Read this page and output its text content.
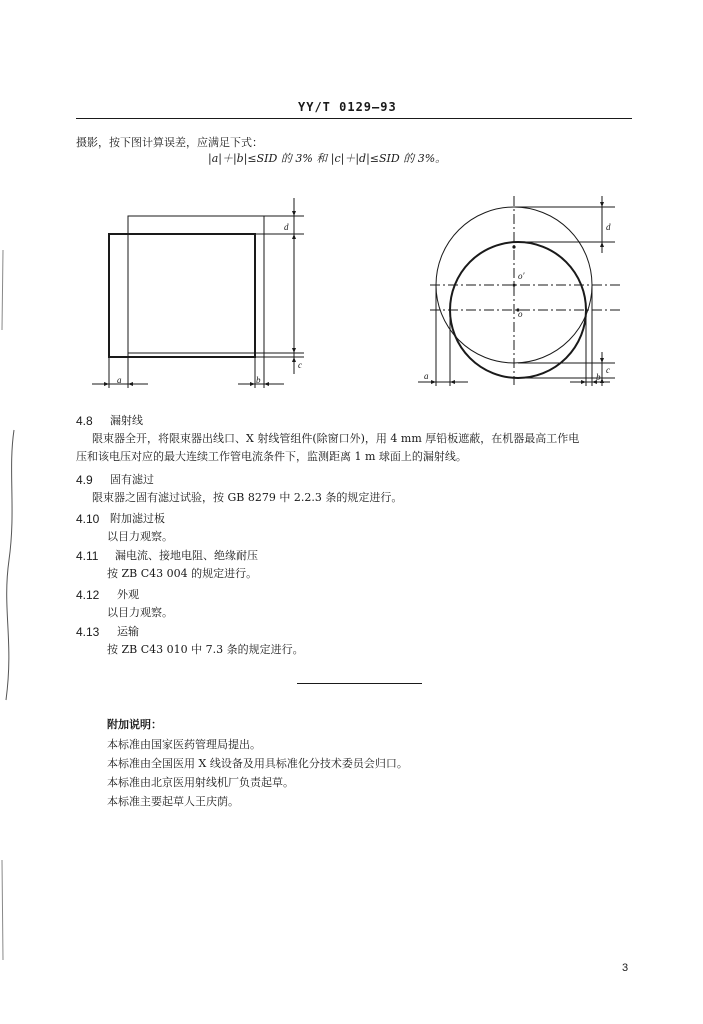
YY/T 0129—93
摄影，按下图计算误差，应满足下式：
|a|＋|b|≤SID 的 3% 和 |c|＋|d|≤SID 的 3%。
a	b
c
d
a	b
c
d
o
o′
4.8 漏射线
限束器全开，将限束器出线口、X 射线管组件(除窗口外)，用 4 mm 厚铅板遮蔽，在机器最高工作电
压和该电压对应的最大连续工作管电流条件下，监测距离 1 m 球面上的漏射线。
4.9 固有滤过
限束器之固有滤过试验，按 GB 8279 中 2.2.3 条的规定进行。
4.10 附加滤过板
以目力观察。
4.11 漏电流、接地电阻、绝缘耐压
按 ZB C43 004 的规定进行。
4.12 外观
以目力观察。
4.13 运输
按 ZB C43 010 中 7.3 条的规定进行。
附加说明：
本标准由国家医药管理局提出。
本标准由全国医用 X 线设备及用具标准化分技术委员会归口。
本标准由北京医用射线机厂负责起草。
本标准主要起草人王庆荫。
3
